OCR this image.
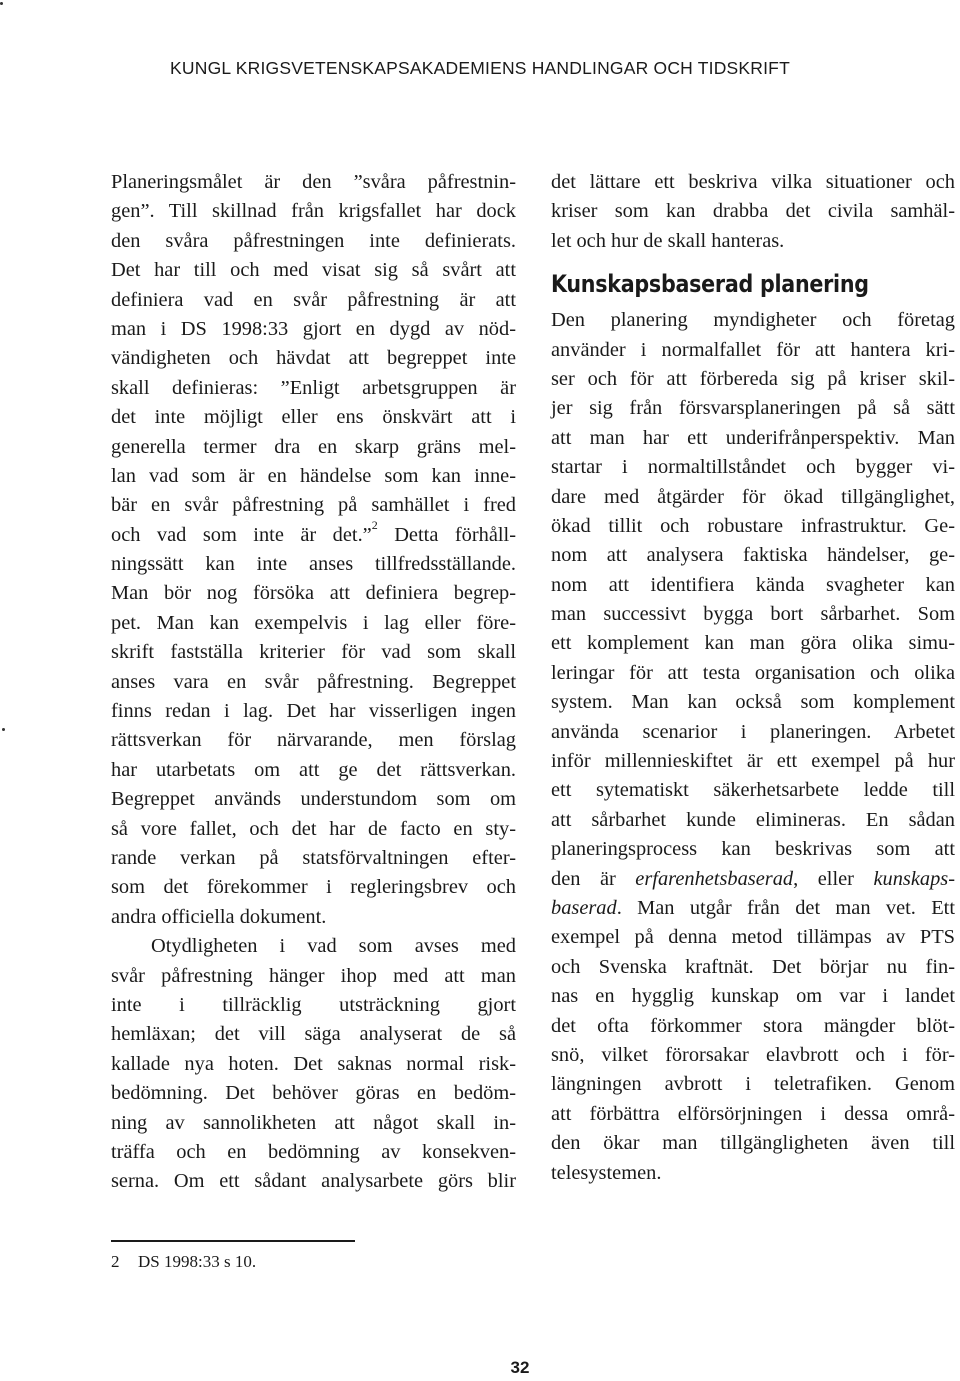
KUNGL KRIGSVETENSKAPSAKADEMIENS HANDLINGAR OCH TIDSKRIFT

Planeringsmålet är den ”svåra påfrestnin-
gen”. Till skillnad från krigsfallet har dock
den svåra påfrestningen inte definierats.
Det har till och med visat sig så svårt att
definiera vad en svår påfrestning är att
man i DS 1998:33 gjort en dygd av nöd-
vändigheten och hävdat att begreppet inte
skall definieras: ”Enligt arbetsgruppen är
det inte möjligt eller ens önskvärt att i
generella termer dra en skarp gräns mel-
lan vad som är en händelse som kan inne-
bär en svår påfrestning på samhället i fred
och vad som inte är det.”$^2$ Detta förhåll-
ningssätt kan inte anses tillfredsställande.
Man bör nog försöka att definiera begrep-
pet. Man kan exempelvis i lag eller före-
skrift fastställa kriterier för vad som skall
anses vara en svår påfrestning. Begreppet
finns redan i lag. Det har visserligen ingen
rättsverkan för närvarande, men förslag
har utarbetats om att ge det rättsverkan.
Begreppet används understundom som om
så vore fallet, och det har de facto en sty-
rande verkan på statsförvaltningen efter-
som det förekommer i regleringsbrev och
andra officiella dokument.

Otydligheten i vad som avses med
svår påfrestning hänger ihop med att man
inte i tillräcklig utsträckning gjort
hemläxan; det vill säga analyserat de så
kallade nya hoten. Det saknas normal risk-
bedömning. Det behöver göras en bedöm-
ning av sannolikheten att något skall in-
träffa och en bedömning av konsekven-
serna. Om ett sådant analysarbete görs blir

det lättare ett beskriva vilka situationer och
kriser som kan drabba det civila samhäl-
let och hur de skall hanteras.

Kunskapsbaserad planering

Den planering myndigheter och företag
använder i normalfallet för att hantera kri-
ser och för att förbereda sig på kriser skil-
jer sig från försvarsplaneringen på så sätt
att man har ett underifrånperspektiv. Man
startar i normaltillståndet och bygger vi-
dare med åtgärder för ökad tillgänglighet,
ökad tillit och robustare infrastruktur. Ge-
nom att analysera faktiska händelser, ge-
nom att identifiera kända svagheter kan
man successivt bygga bort sårbarhet. Som
ett komplement kan man göra olika simu-
leringar för att testa organisation och olika
system. Man kan också som komplement
använda scenarior i planeringen. Arbetet
inför millennieskiftet är ett exempel på hur
ett sytematiskt säkerhetsarbete ledde till
att sårbarhet kunde elimineras. En sådan
planeringsprocess kan beskrivas som att
den är erfarenhetsbaserad, eller kunskaps-
baserad. Man utgår från det man vet. Ett
exempel på denna metod tillämpas av PTS
och Svenska kraftnät. Det börjar nu fin-
nas en hygglig kunskap om var i landet
det ofta förkommer stora mängder blöt-
snö, vilket förorsakar elavbrott och i för-
längningen avbrott i teletrafiken. Genom
att förbättra elförsörjningen i dessa områ-
den ökar man tillgängligheten även till
telesystemen.

2 DS 1998:33 s 10.
32
